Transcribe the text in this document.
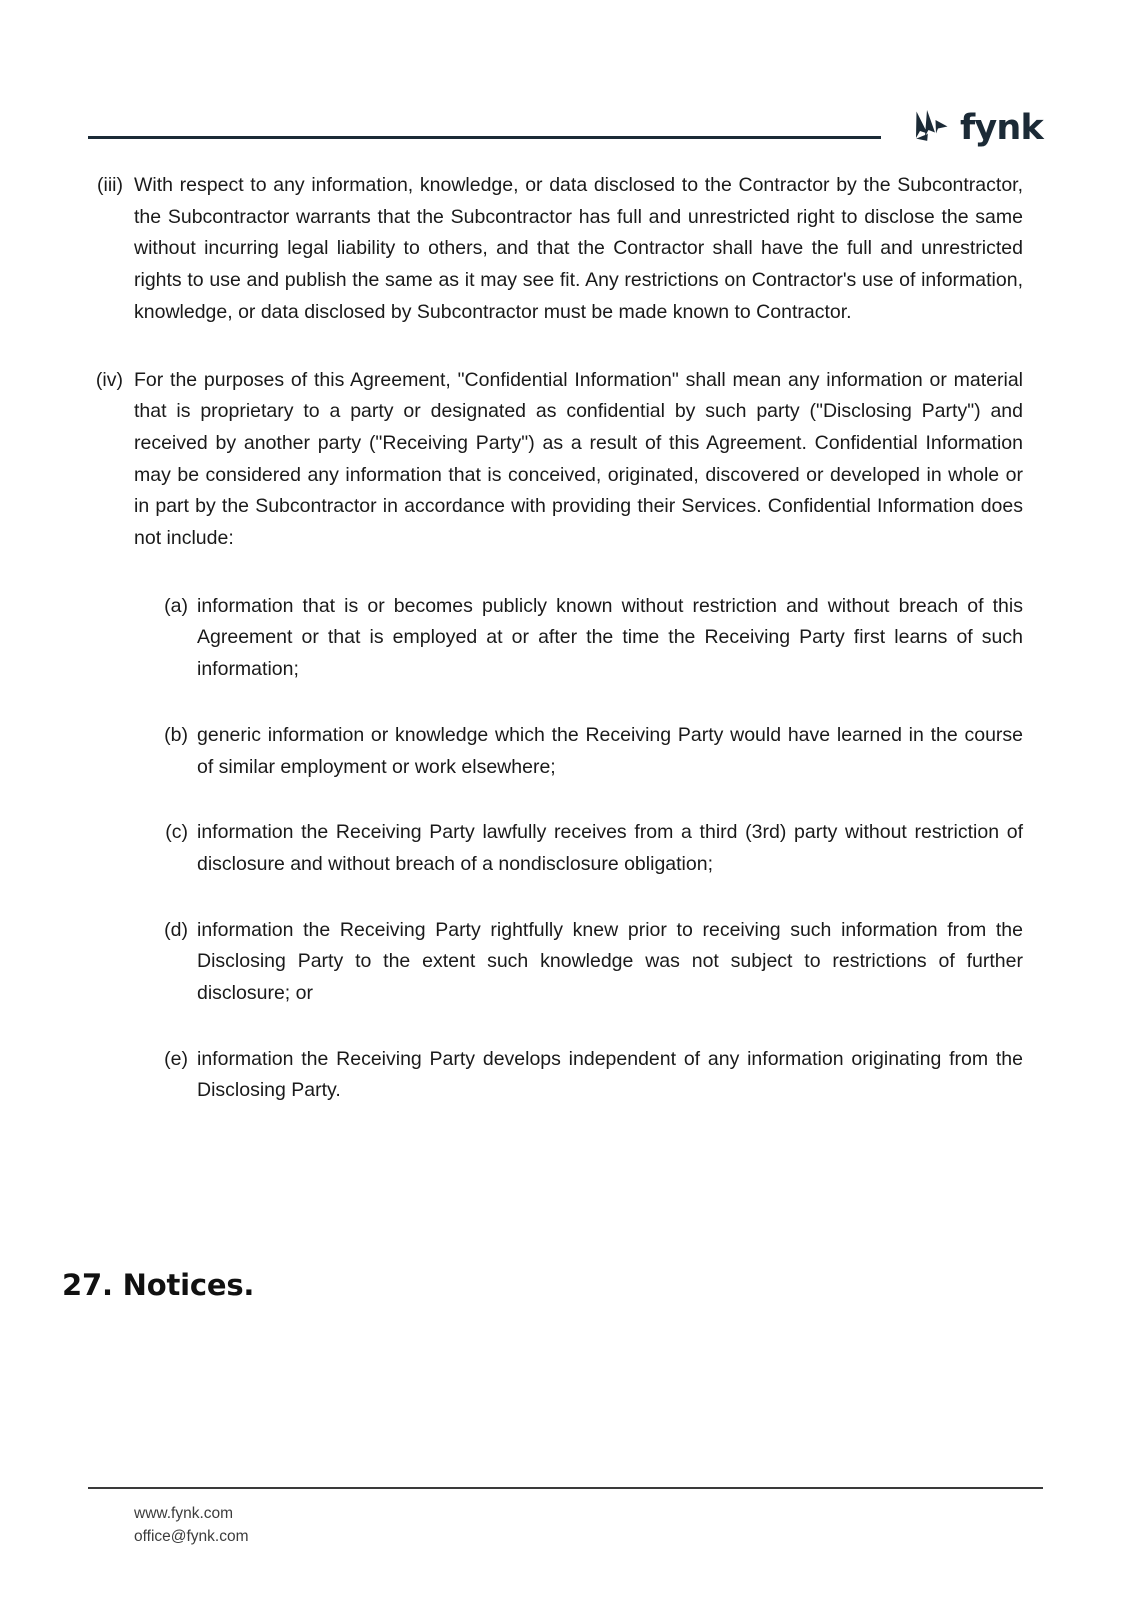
fynk
(iii) With respect to any information, knowledge, or data disclosed to the Contractor by the Subcontractor, the Subcontractor warrants that the Subcontractor has full and unrestricted right to disclose the same without incurring legal liability to others, and that the Contractor shall have the full and unrestricted rights to use and publish the same as it may see fit. Any restrictions on Contractor's use of information, knowledge, or data disclosed by Subcontractor must be made known to Contractor.
(iv) For the purposes of this Agreement, "Confidential Information" shall mean any information or material that is proprietary to a party or designated as confidential by such party ("Disclosing Party") and received by another party ("Receiving Party") as a result of this Agreement. Confidential Information may be considered any information that is conceived, originated, discovered or developed in whole or in part by the Subcontractor in accordance with providing their Services. Confidential Information does not include:
(a) information that is or becomes publicly known without restriction and without breach of this Agreement or that is employed at or after the time the Receiving Party first learns of such information;
(b) generic information or knowledge which the Receiving Party would have learned in the course of similar employment or work elsewhere;
(c) information the Receiving Party lawfully receives from a third (3rd) party without restriction of disclosure and without breach of a nondisclosure obligation;
(d) information the Receiving Party rightfully knew prior to receiving such information from the Disclosing Party to the extent such knowledge was not subject to restrictions of further disclosure; or
(e) information the Receiving Party develops independent of any information originating from the Disclosing Party.
27. Notices.
www.fynk.com
office@fynk.com
